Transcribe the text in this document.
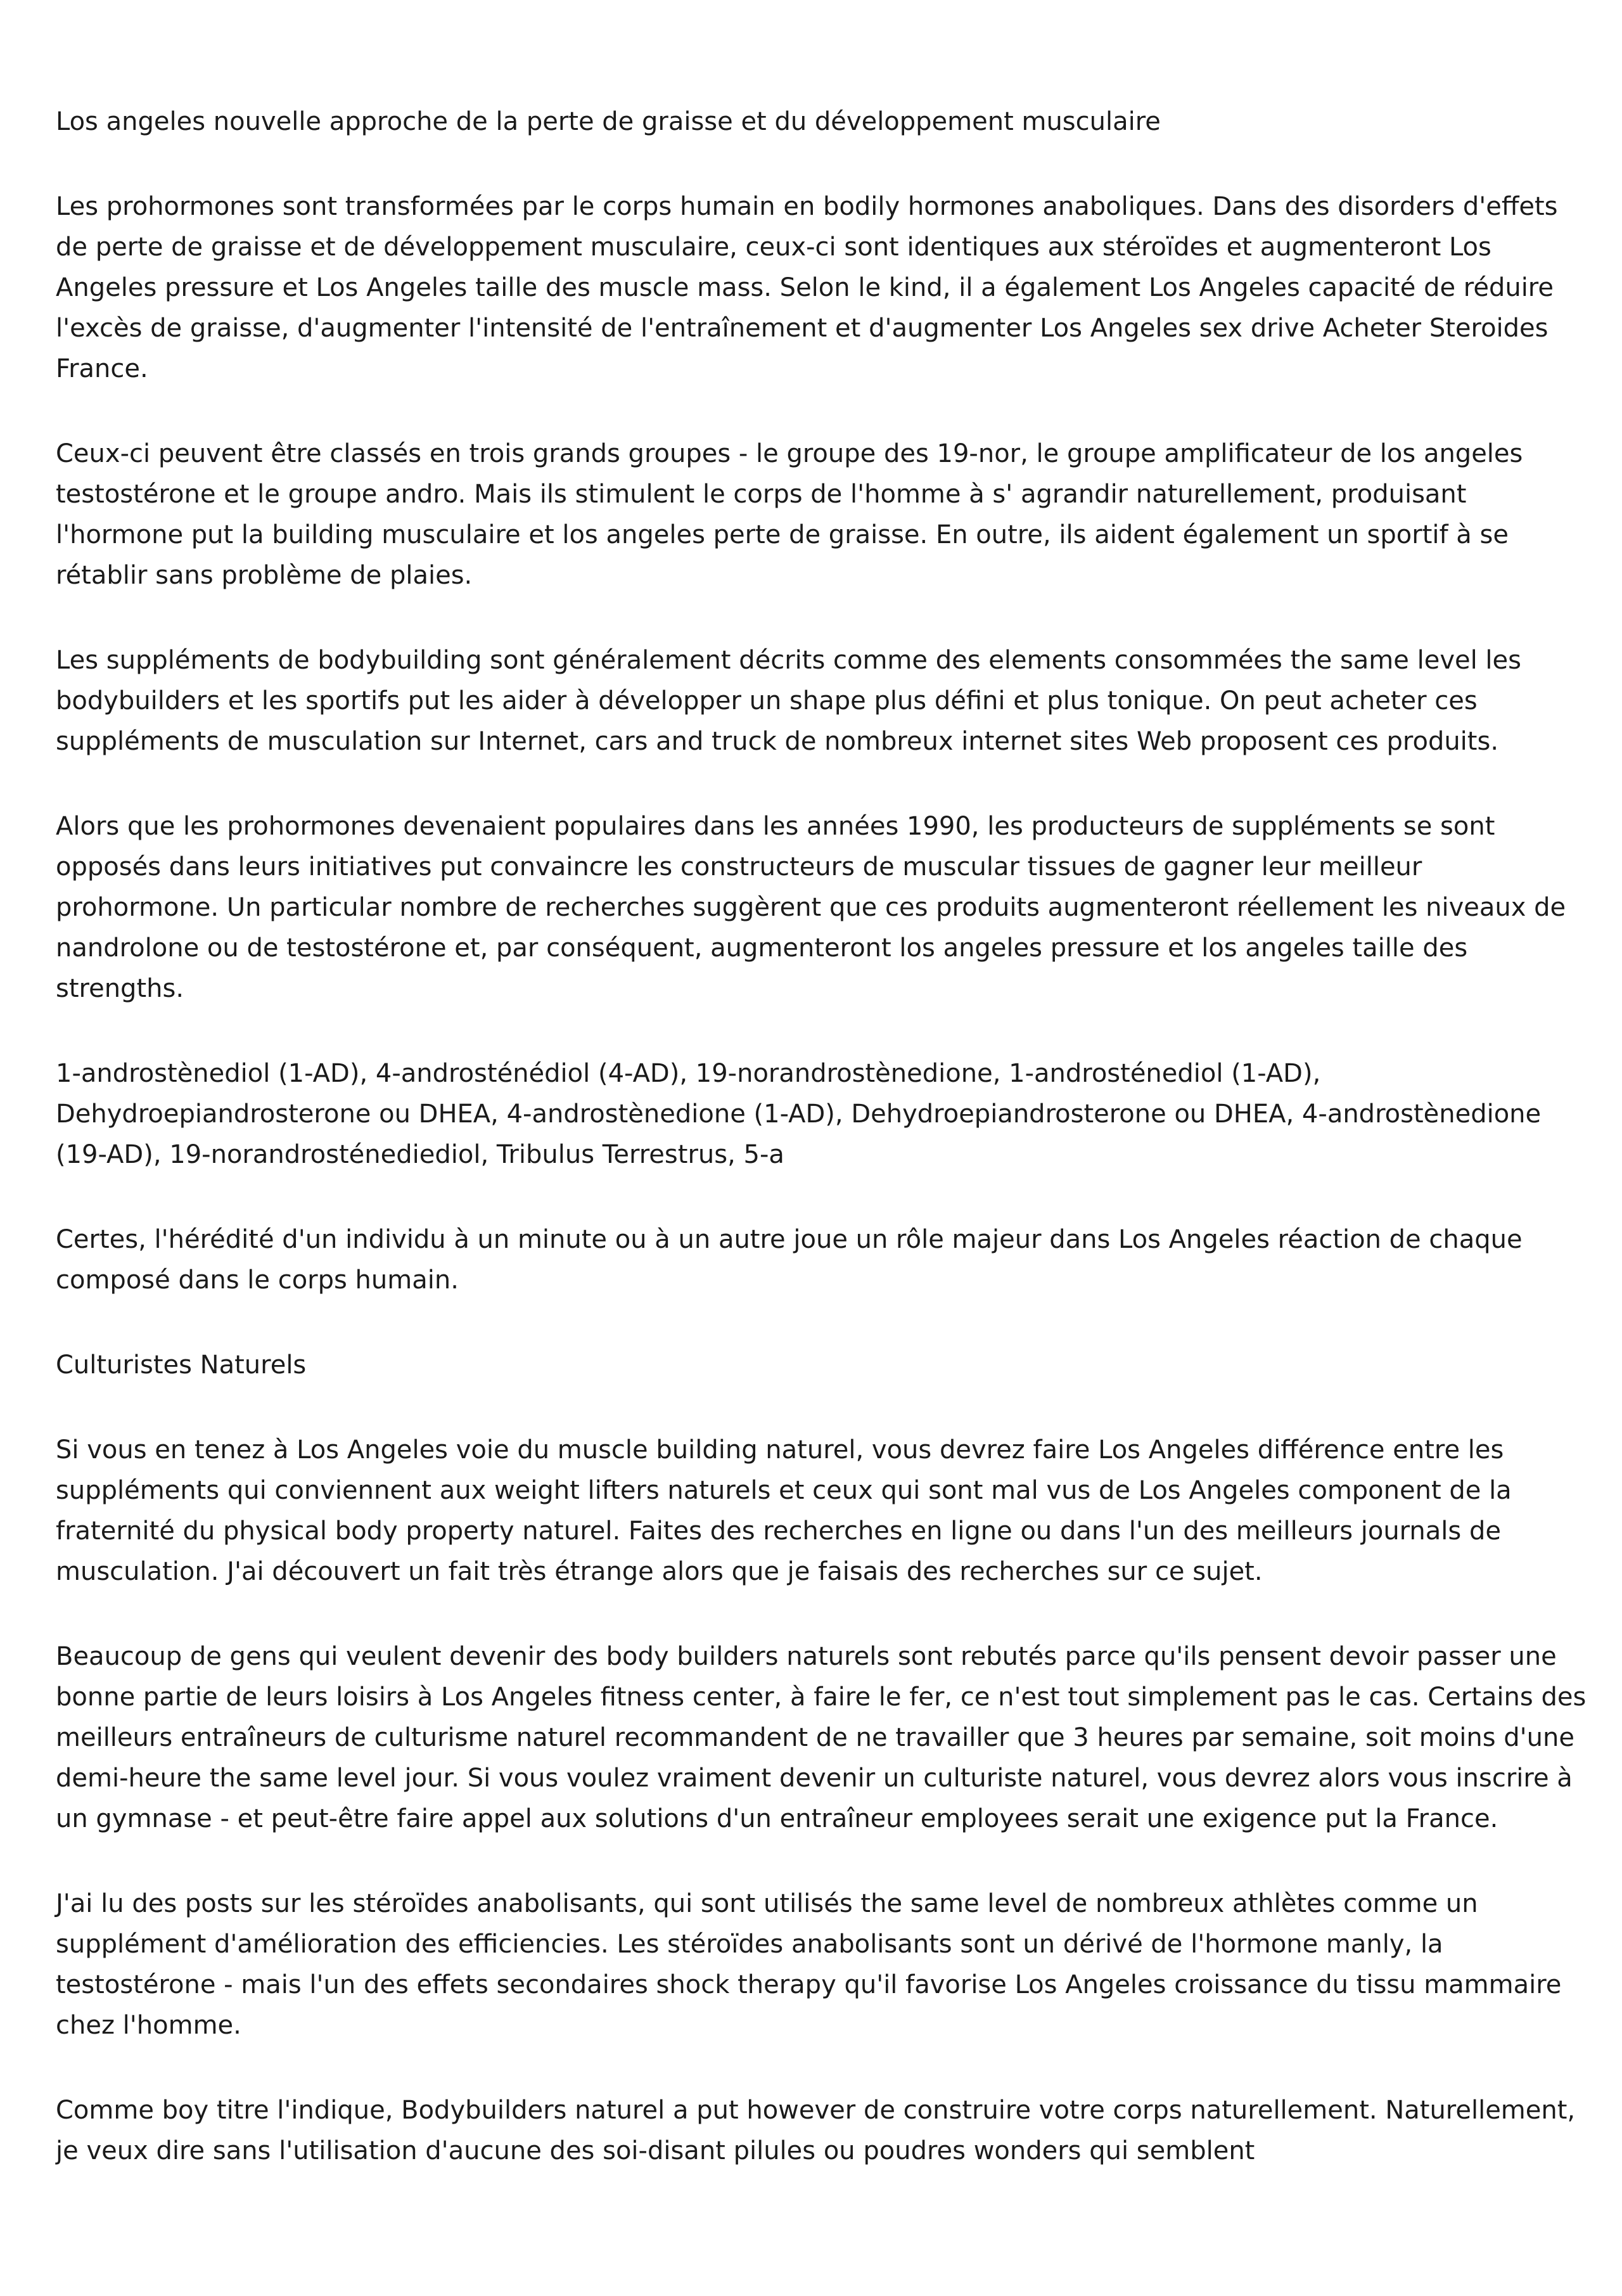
Los angeles nouvelle approche de la perte de graisse et du développement musculaire

Les prohormones sont transformées par le corps humain en bodily hormones anaboliques. Dans des disorders d'effets de perte de graisse et de développement musculaire, ceux-ci sont identiques aux stéroïdes et augmenteront Los Angeles pressure et Los Angeles taille des muscle mass. Selon le kind, il a également Los Angeles capacité de réduire l'excès de graisse, d'augmenter l'intensité de l'entraînement et d'augmenter Los Angeles sex drive Acheter Steroides France.

Ceux-ci peuvent être classés en trois grands groupes - le groupe des 19-nor, le groupe amplificateur de los angeles testostérone et le groupe andro. Mais ils stimulent le corps de l'homme à s' agrandir naturellement, produisant l'hormone put la building musculaire et los angeles perte de graisse. En outre, ils aident également un sportif à se rétablir sans problème de plaies.

Les suppléments de bodybuilding sont généralement décrits comme des elements consommées the same level les bodybuilders et les sportifs put les aider à développer un shape plus défini et plus tonique. On peut acheter ces suppléments de musculation sur Internet, cars and truck de nombreux internet sites Web proposent ces produits.

Alors que les prohormones devenaient populaires dans les années 1990, les producteurs de suppléments se sont opposés dans leurs initiatives put convaincre les constructeurs de muscular tissues de gagner leur meilleur prohormone. Un particular nombre de recherches suggèrent que ces produits augmenteront réellement les niveaux de nandrolone ou de testostérone et, par conséquent, augmenteront los angeles pressure et los angeles taille des strengths.

1-androstènediol (1-AD), 4-androsténédiol (4-AD), 19-norandrostènedione, 1-androsténediol (1-AD), Dehydroepiandrosterone ou DHEA, 4-androstènedione (1-AD), Dehydroepiandrosterone ou DHEA, 4-androstènedione (19-AD), 19-norandrosténediediol, Tribulus Terrestrus, 5-a

Certes, l'hérédité d'un individu à un minute ou à un autre joue un rôle majeur dans Los Angeles réaction de chaque composé dans le corps humain.

Culturistes Naturels

Si vous en tenez à Los Angeles voie du muscle building naturel, vous devrez faire Los Angeles différence entre les suppléments qui conviennent aux weight lifters naturels et ceux qui sont mal vus de Los Angeles component de la fraternité du physical body property naturel. Faites des recherches en ligne ou dans l'un des meilleurs journals de musculation. J'ai découvert un fait très étrange alors que je faisais des recherches sur ce sujet.

Beaucoup de gens qui veulent devenir des body builders naturels sont rebutés parce qu'ils pensent devoir passer une bonne partie de leurs loisirs à Los Angeles fitness center, à faire le fer, ce n'est tout simplement pas le cas. Certains des meilleurs entraîneurs de culturisme naturel recommandent de ne travailler que 3 heures par semaine, soit moins d'une demi-heure the same level jour. Si vous voulez vraiment devenir un culturiste naturel, vous devrez alors vous inscrire à un gymnase - et peut-être faire appel aux solutions d'un entraîneur employees serait une exigence put la France.

J'ai lu des posts sur les stéroïdes anabolisants, qui sont utilisés the same level de nombreux athlètes comme un supplément d'amélioration des efficiencies. Les stéroïdes anabolisants sont un dérivé de l'hormone manly, la testostérone - mais l'un des effets secondaires shock therapy qu'il favorise Los Angeles croissance du tissu mammaire chez l'homme.

Comme boy titre l'indique, Bodybuilders naturel a put however de construire votre corps naturellement. Naturellement, je veux dire sans l'utilisation d'aucune des soi-disant pilules ou poudres wonders qui semblent
